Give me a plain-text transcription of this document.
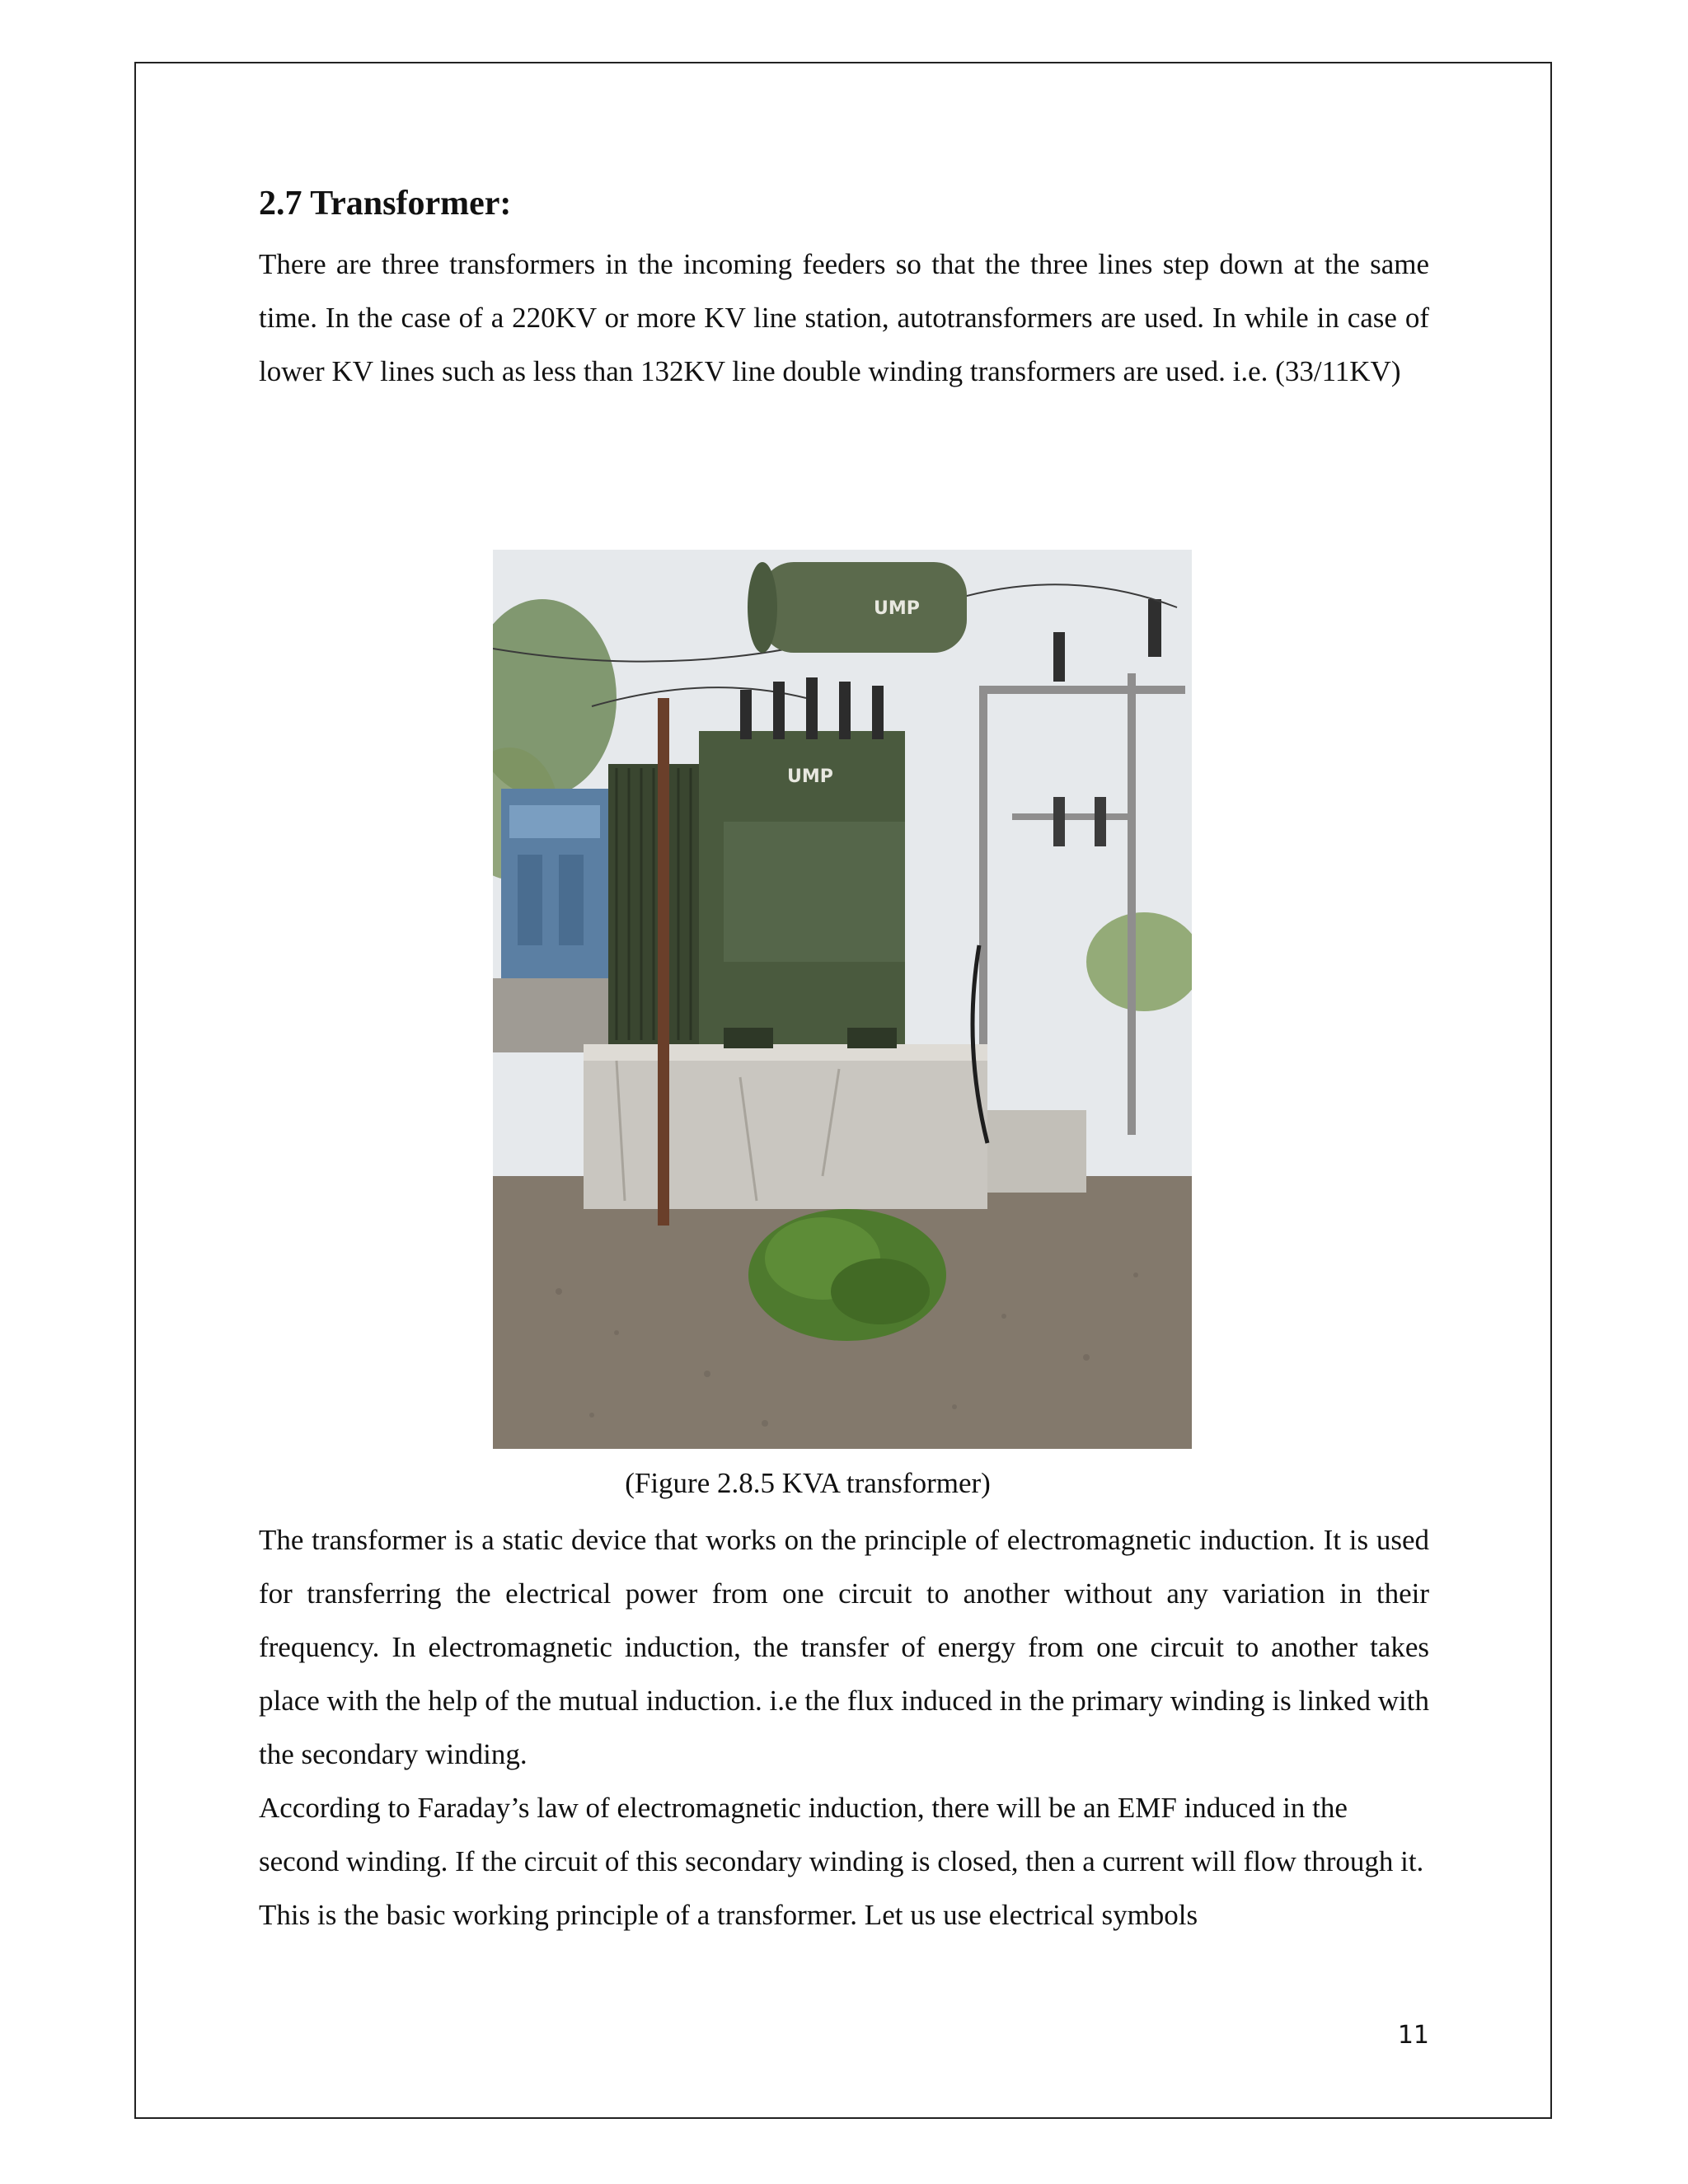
2.7 Transformer:

There are three transformers in the incoming feeders so that the three lines step down at the same time. In the case of a 220KV or more KV line station, autotransformers are used. In while in case of lower KV lines such as less than 132KV line double winding transformers are used. i.e. (33/11KV)

UMP
UMP
(Figure 2.8.5 KVA transformer)

The transformer is a static device that works on the principle of electromagnetic induction. It is used for transferring the electrical power from one circuit to another without any variation in their frequency. In electromagnetic induction, the transfer of energy from one circuit to another takes place with the help of the mutual induction. i.e the flux induced in the primary winding is linked with the secondary winding.

According to Faraday’s law of electromagnetic induction, there will be an EMF induced in the second winding. If the circuit of this secondary winding is closed, then a current will flow through it. This is the basic working principle of a transformer. Let us use electrical symbols

11
